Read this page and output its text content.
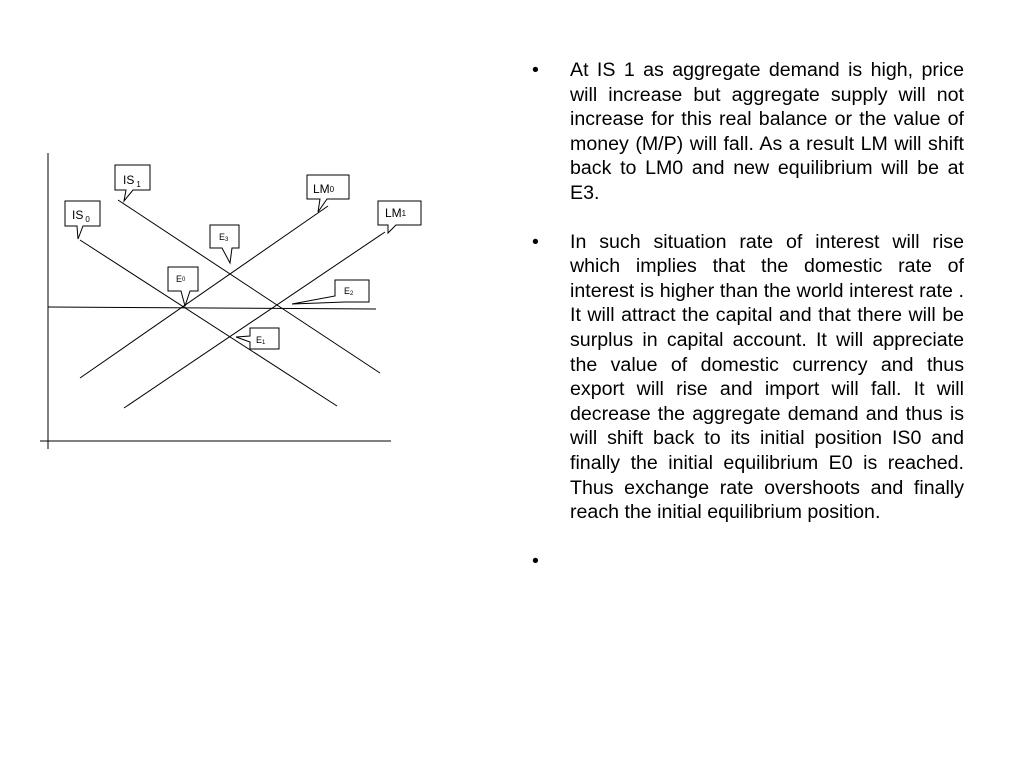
IS 1	LM0
IS 0	LM1
E3
E0
E2
E1
• At IS 1 as aggregate demand is high, price will increase but aggregate supply will not increase for this real balance or the value of money (M/P) will fall. As a result LM will shift back to LM0 and new equilibrium will be at E3.
• In such situation rate of interest will rise which implies that the domestic rate of interest is higher than the world interest rate . It will attract the capital and that there will be surplus in capital account. It will appreciate the value of domestic currency and thus export will rise and import will fall. It will decrease the aggregate demand and thus is will shift back to its initial position IS0 and finally the initial equilibrium E0 is reached. Thus exchange rate overshoots and finally reach the initial equilibrium position.
•
